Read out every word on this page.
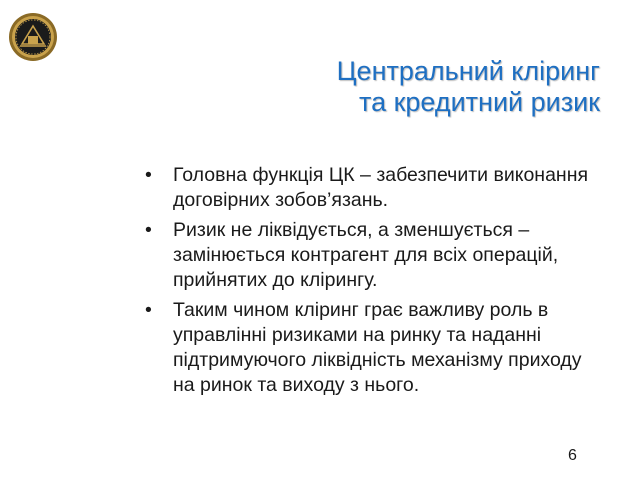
Центральний кліринг
та кредитний ризик
• Головна функція ЦК – забезпечити виконання договірних зобов’язань.
• Ризик не ліквідується, а зменшується – замінюється контрагент для всіх операцій, прийнятих до клірингу.
• Таким чином кліринг грає важливу роль в управлінні ризиками на ринку та наданні підтримуючого ліквідність механізму приходу на ринок та виходу з нього.
6
